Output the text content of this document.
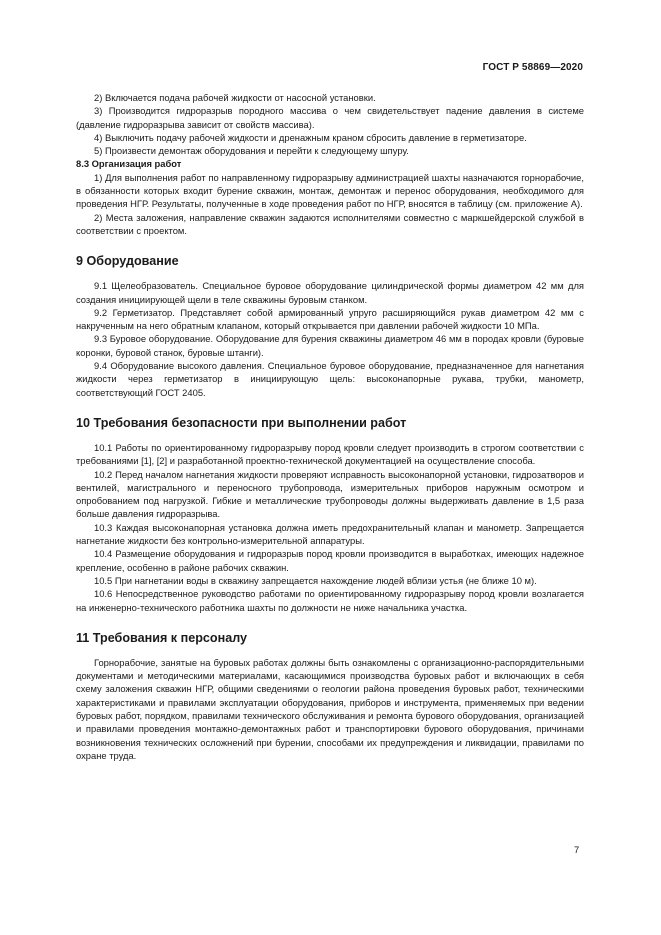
ГОСТ Р 58869—2020

2) Включается подача рабочей жидкости от насосной установки.

3) Производится гидроразрыв породного массива о чем свидетельствует падение давления в системе (давление гидроразрыва зависит от свойств массива).

4) Выключить подачу рабочей жидкости и дренажным краном сбросить давление в герметизаторе.

5) Произвести демонтаж оборудования и перейти к следующему шпуру.

8.3 Организация работ

1) Для выполнения работ по направленному гидроразрыву администрацией шахты назначаются горнорабочие, в обязанности которых входит бурение скважин, монтаж, демонтаж и перенос оборудования, необходимого для проведения НГР. Результаты, полученные в ходе проведения работ по НГР, вносятся в таблицу (см. приложение А).

2) Места заложения, направление скважин задаются исполнителями совместно с маркшейдерской службой в соответствии с проектом.

9 Оборудование

9.1 Щелеобразователь. Специальное буровое оборудование цилиндрической формы диаметром 42 мм для создания инициирующей щели в теле скважины буровым станком.

9.2 Герметизатор. Представляет собой армированный упруго расширяющийся рукав диаметром 42 мм с накрученным на него обратным клапаном, который открывается при давлении рабочей жидкости 10 МПа.

9.3 Буровое оборудование. Оборудование для бурения скважины диаметром 46 мм в породах кровли (буровые коронки, буровой станок, буровые штанги).

9.4 Оборудование высокого давления. Специальное буровое оборудование, предназначенное для нагнетания жидкости через герметизатор в инициирующую щель: высоконапорные рукава, трубки, манометр, соответствующий ГОСТ 2405.

10 Требования безопасности при выполнении работ

10.1 Работы по ориентированному гидроразрыву пород кровли следует производить в строгом соответствии с требованиями [1], [2] и разработанной проектно-технической документацией на осуществление способа.

10.2 Перед началом нагнетания жидкости проверяют исправность высоконапорной установки, гидрозатворов и вентилей, магистрального и переносного трубопровода, измерительных приборов наружным осмотром и опробованием под нагрузкой. Гибкие и металлические трубопроводы должны выдерживать давление в 1,5 раза больше давления гидроразрыва.

10.3 Каждая высоконапорная установка должна иметь предохранительный клапан и манометр. Запрещается нагнетание жидкости без контрольно-измерительной аппаратуры.

10.4 Размещение оборудования и гидроразрыв пород кровли производится в выработках, имеющих надежное крепление, особенно в районе рабочих скважин.

10.5 При нагнетании воды в скважину запрещается нахождение людей вблизи устья (не ближе 10 м).

10.6 Непосредственное руководство работами по ориентированному гидроразрыву пород кровли возлагается на инженерно-технического работника шахты по должности не ниже начальника участка.

11 Требования к персоналу

Горнорабочие, занятые на буровых работах должны быть ознакомлены с организационно-распорядительными документами и методическими материалами, касающимися производства буровых работ и включающих в себя схему заложения скважин НГР, общими сведениями о геологии района проведения буровых работ, техническими характеристиками и правилами эксплуатации оборудования, приборов и инструмента, применяемых при ведении буровых работ, порядком, правилами технического обслуживания и ремонта бурового оборудования, организацией и правилами проведения монтажно-демонтажных работ и транспортировки бурового оборудования, причинами возникновения технических осложнений при бурении, способами их предупреждения и ликвидации, правилами по охране труда.

7
